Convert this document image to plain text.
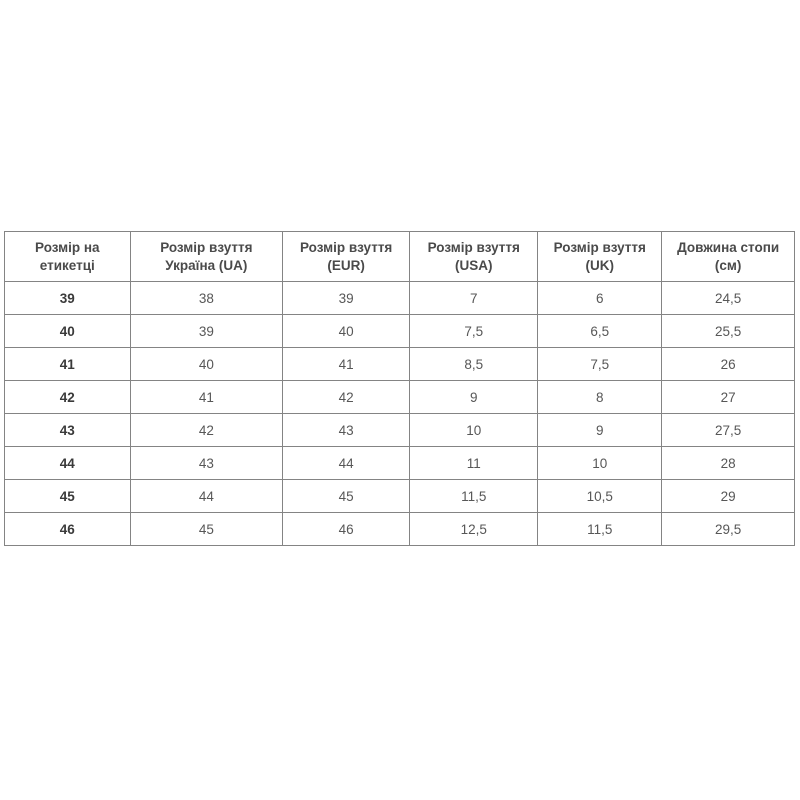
Розмір на етикетці	Розмір взуття Україна (UA)	Розмір взуття (EUR)	Розмір взуття (USA)	Розмір взуття (UK)	Довжина стопи (см)
39	38	39	7	6	24,5
40	39	40	7,5	6,5	25,5
41	40	41	8,5	7,5	26
42	41	42	9	8	27
43	42	43	10	9	27,5
44	43	44	11	10	28
45	44	45	11,5	10,5	29
46	45	46	12,5	11,5	29,5
